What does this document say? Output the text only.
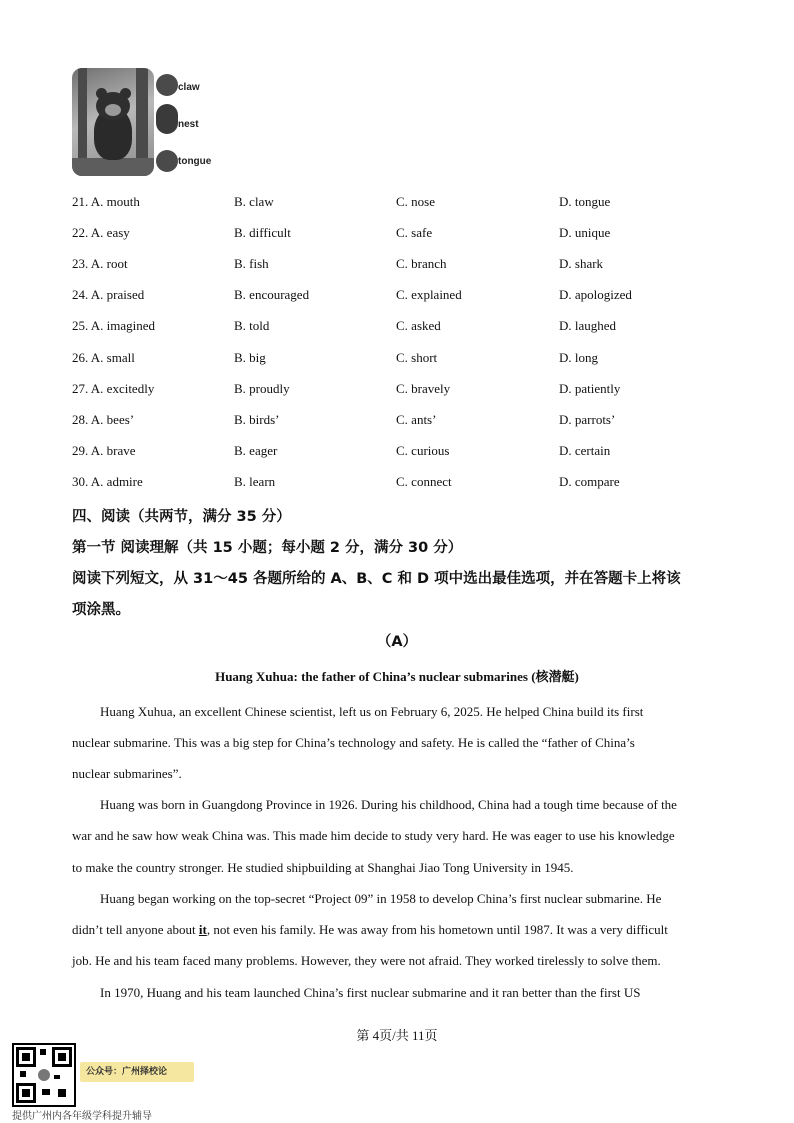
claw
nest
tongue
21. A. mouth	B. claw	C. nose	D. tongue
22. A. easy	B. difficult	C. safe	D. unique
23. A. root	B. fish	C. branch	D. shark
24. A. praised	B. encouraged	C. explained	D. apologized
25. A. imagined	B. told	C. asked	D. laughed
26. A. small	B. big	C. short	D. long
27. A. excitedly	B. proudly	C. bravely	D. patiently
28. A. bees’	B. birds’	C. ants’	D. parrots’
29. A. brave	B. eager	C. curious	D. certain
30. A. admire	B. learn	C. connect	D. compare
四、阅读（共两节，满分 35 分）
第一节 阅读理解（共 15 小题；每小题 2 分，满分 30 分）
阅读下列短文，从 31～45 各题所给的 A、B、C 和 D 项中选出最佳选项，并在答题卡上将该
项涂黑。
（A）
Huang Xuhua: the father of China’s nuclear submarines (核潜艇)
Huang Xuhua, an excellent Chinese scientist, left us on February 6, 2025. He helped China build its first
nuclear submarine. This was a big step for China’s technology and safety. He is called the “father of China’s
nuclear submarines”.
Huang was born in Guangdong Province in 1926. During his childhood, China had a tough time because of the
war and he saw how weak China was. This made him decide to study very hard. He was eager to use his knowledge
to make the country stronger. He studied shipbuilding at Shanghai Jiao Tong University in 1945.
Huang began working on the top-secret “Project 09” in 1958 to develop China’s first nuclear submarine. He
didn’t tell anyone about it, not even his family. He was away from his hometown until 1987. It was a very difficult
job. He and his team faced many problems. However, they were not afraid. They worked tirelessly to solve them.
In 1970, Huang and his team launched China’s first nuclear submarine and it ran better than the first US
第 4页/共 11页
公众号：广州择校论
提供广州内各年级学科提升辅导
